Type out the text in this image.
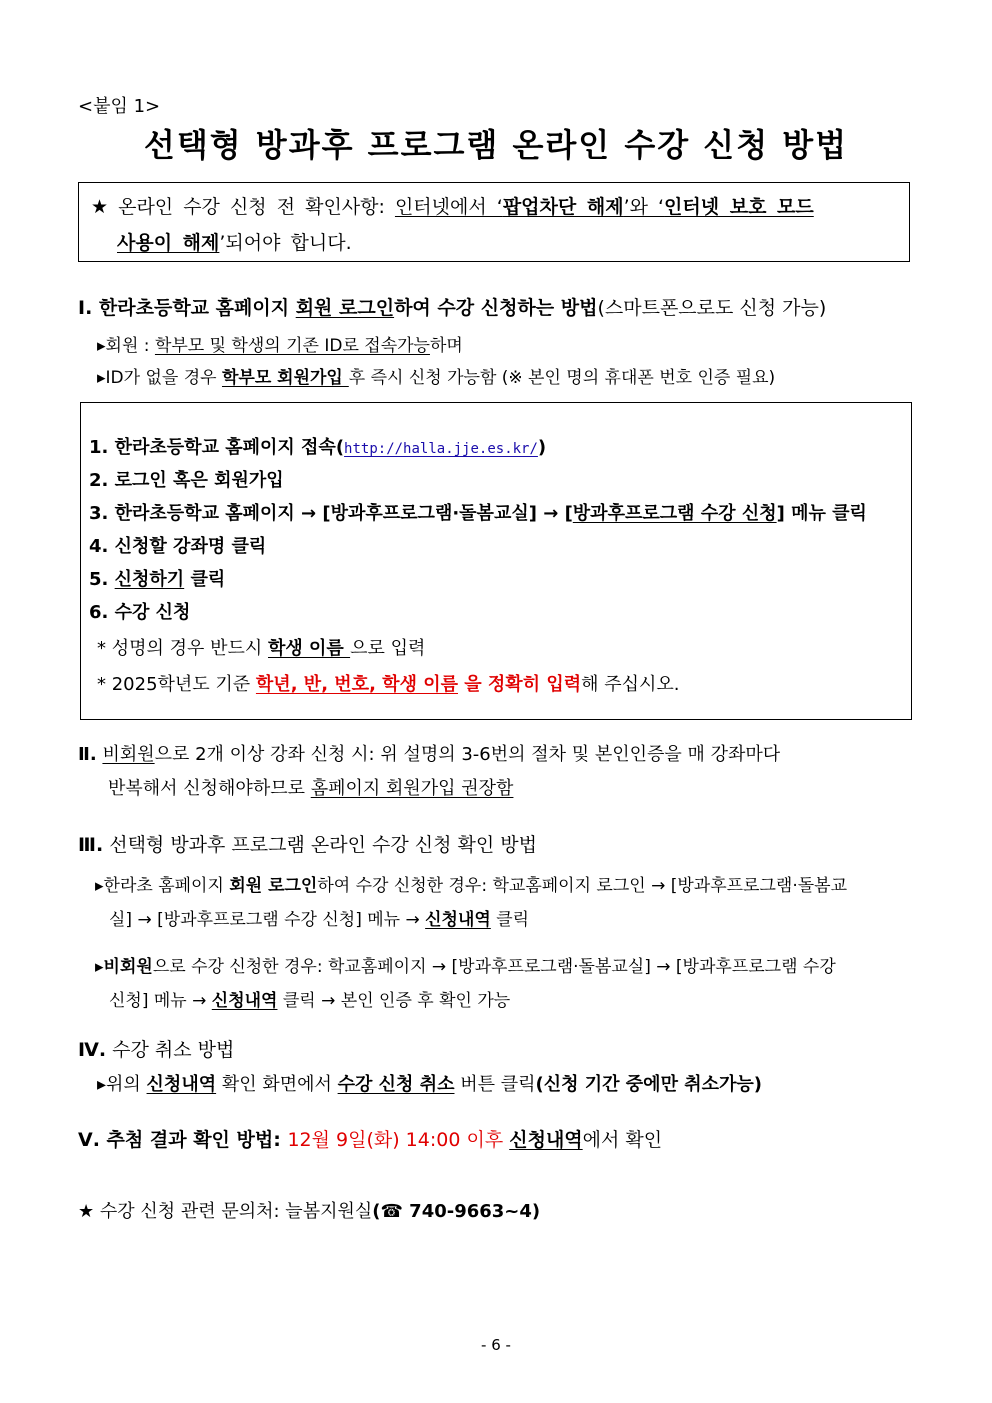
<붙임 1>
선택형 방과후 프로그램 온라인 수강 신청 방법
★ 온라인 수강 신청 전 확인사항: 인터넷에서 ‘팝업차단 해제’와 ‘인터넷 보호 모드
사용이 해제’되어야 합니다.
Ⅰ. 한라초등학교 홈페이지 회원 로그인하여 수강 신청하는 방법(스마트폰으로도 신청 가능)
▸회원 : 학부모 및 학생의 기존 ID로 접속가능하며
▸ID가 없을 경우 학부모 회원가입 후 즉시 신청 가능함 (※ 본인 명의 휴대폰 번호 인증 필요)
1. 한라초등학교 홈페이지 접속(http://halla.jje.es.kr/)
2. 로그인 혹은 회원가입
3. 한라초등학교 홈페이지 → [방과후프로그램·돌봄교실] → [방과후프로그램 수강 신청] 메뉴 클릭
4. 신청할 강좌명 클릭
5. 신청하기 클릭
6. 수강 신청
* 성명의 경우 반드시 학생 이름 으로 입력
* 2025학년도 기준 학년, 반, 번호, 학생 이름 을 정확히 입력해 주십시오.
Ⅱ. 비회원으로 2개 이상 강좌 신청 시: 위 설명의 3-6번의 절차 및 본인인증을 매 강좌마다
반복해서 신청해야하므로 홈페이지 회원가입 권장함
Ⅲ. 선택형 방과후 프로그램 온라인 수강 신청 확인 방법
▸한라초 홈페이지 회원 로그인하여 수강 신청한 경우: 학교홈페이지 로그인 → [방과후프로그램·돌봄교
실] → [방과후프로그램 수강 신청] 메뉴 → 신청내역 클릭
▸비회원으로 수강 신청한 경우: 학교홈페이지 → [방과후프로그램·돌봄교실] → [방과후프로그램 수강
신청] 메뉴 → 신청내역 클릭 → 본인 인증 후 확인 가능
Ⅳ. 수강 취소 방법
▸위의 신청내역 확인 화면에서 수강 신청 취소 버튼 클릭(신청 기간 중에만 취소가능)
Ⅴ. 추첨 결과 확인 방법: 12월 9일(화) 14:00 이후 신청내역에서 확인
★ 수강 신청 관련 문의처: 늘봄지원실(☎ 740-9663~4)
- 6 -
